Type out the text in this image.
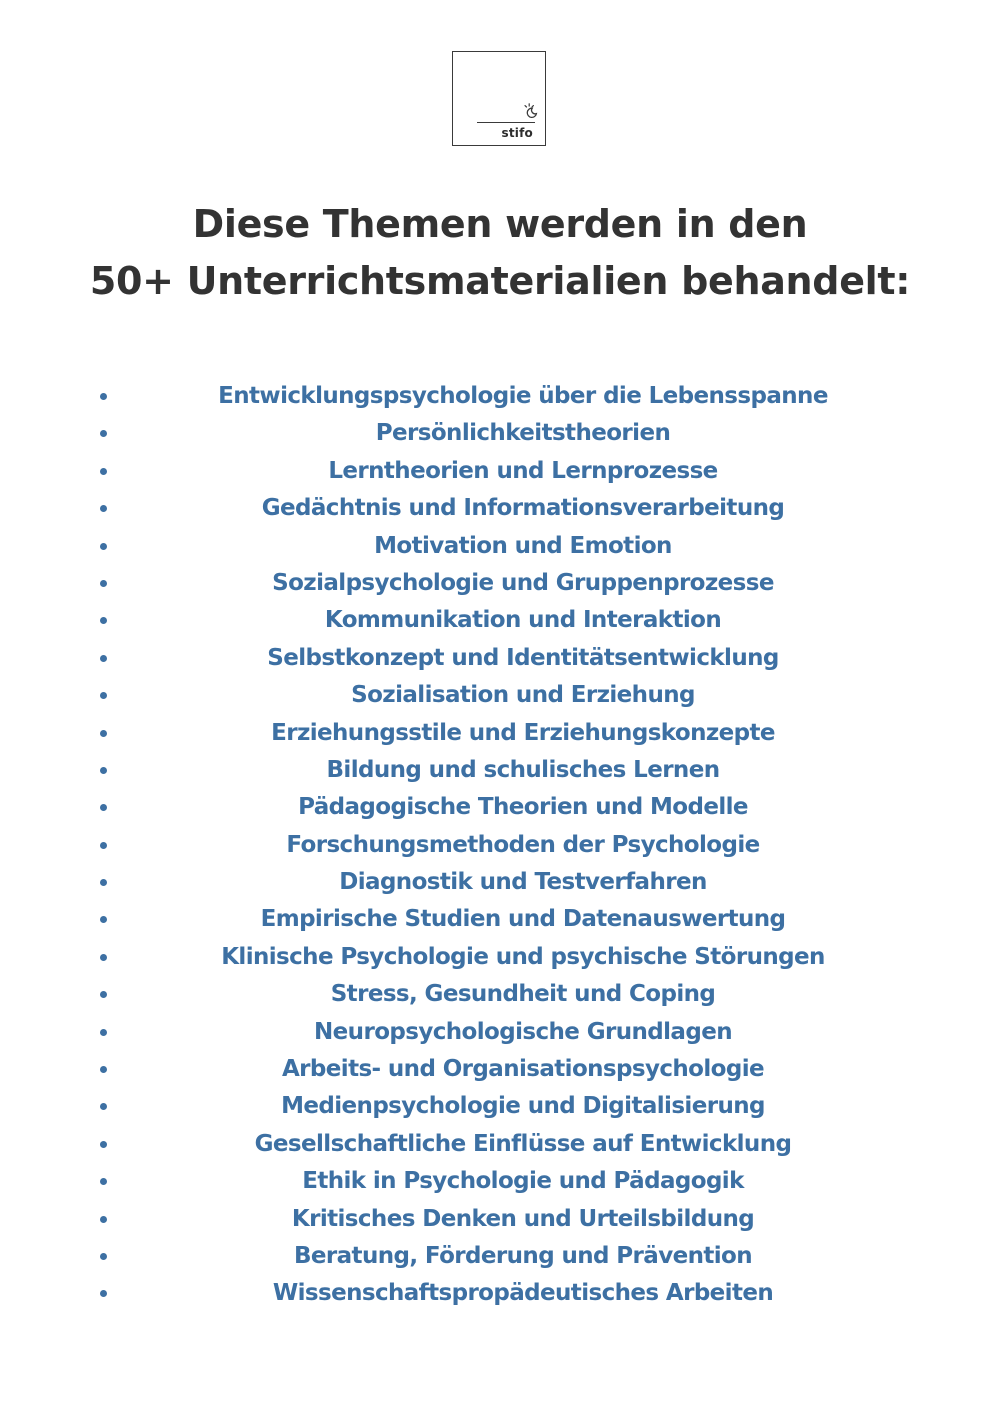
stifo
Diese Themen werden in den
50+ Unterrichtsmaterialien behandelt:
Entwicklungspsychologie über die Lebensspanne
Persönlichkeitstheorien
Lerntheorien und Lernprozesse
Gedächtnis und Informationsverarbeitung
Motivation und Emotion
Sozialpsychologie und Gruppenprozesse
Kommunikation und Interaktion
Selbstkonzept und Identitätsentwicklung
Sozialisation und Erziehung
Erziehungsstile und Erziehungskonzepte
Bildung und schulisches Lernen
Pädagogische Theorien und Modelle
Forschungsmethoden der Psychologie
Diagnostik und Testverfahren
Empirische Studien und Datenauswertung
Klinische Psychologie und psychische Störungen
Stress, Gesundheit und Coping
Neuropsychologische Grundlagen
Arbeits- und Organisationspsychologie
Medienpsychologie und Digitalisierung
Gesellschaftliche Einflüsse auf Entwicklung
Ethik in Psychologie und Pädagogik
Kritisches Denken und Urteilsbildung
Beratung, Förderung und Prävention
Wissenschaftspropädeutisches Arbeiten
